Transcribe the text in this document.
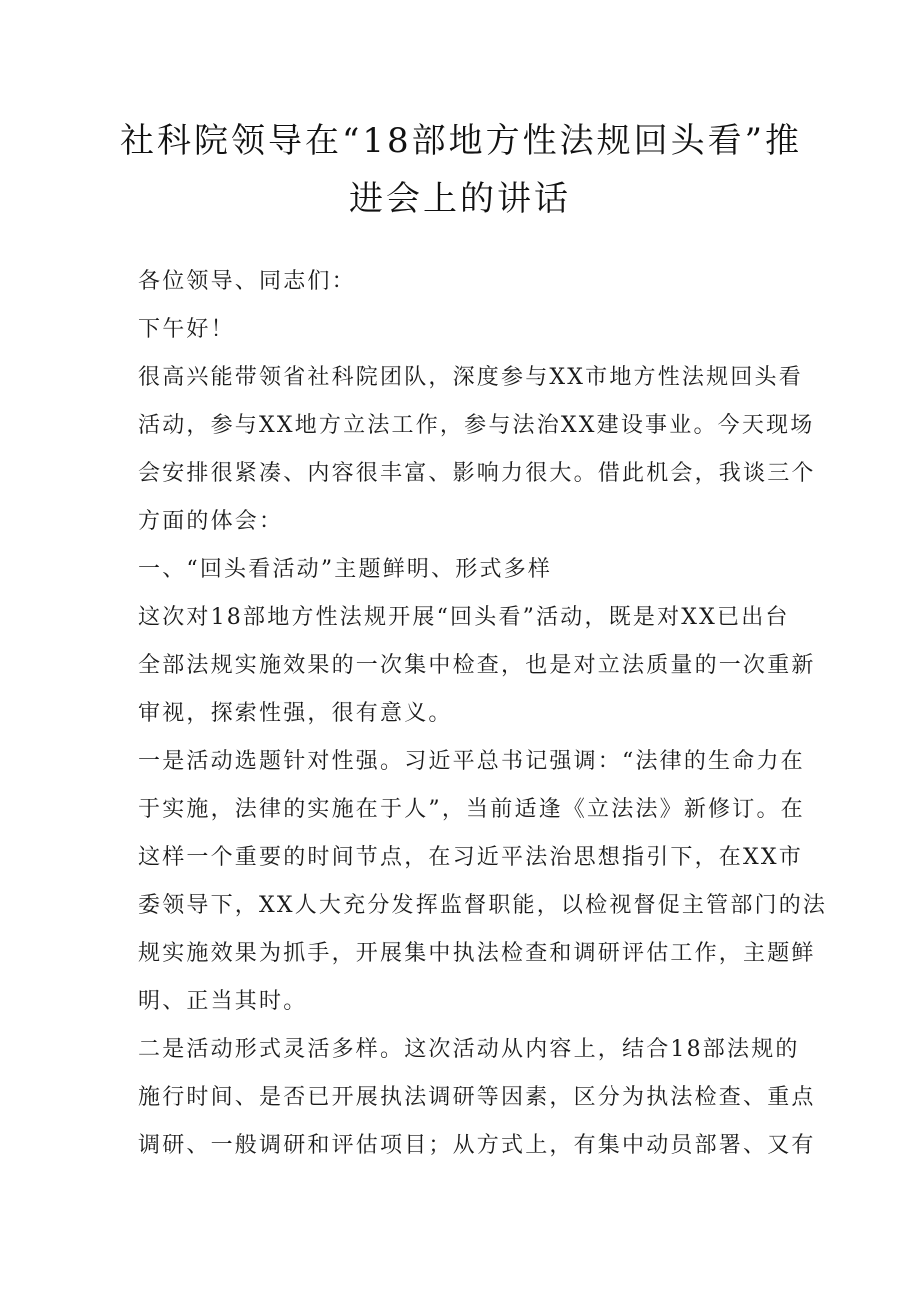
社科院领导在“18部地方性法规回头看”推
进会上的讲话
各位领导、同志们：
下午好！
很高兴能带领省社科院团队，深度参与XX市地方性法规回头看
活动，参与XX地方立法工作，参与法治XX建设事业。今天现场
会安排很紧凑、内容很丰富、影响力很大。借此机会，我谈三个
方面的体会：
一、“回头看活动”主题鲜明、形式多样
这次对18部地方性法规开展“回头看”活动，既是对XX已出台
全部法规实施效果的一次集中检查，也是对立法质量的一次重新
审视，探索性强，很有意义。
一是活动选题针对性强。习近平总书记强调：“法律的生命力在
于实施，法律的实施在于人”，当前适逢《立法法》新修订。在
这样一个重要的时间节点，在习近平法治思想指引下，在XX市
委领导下，XX人大充分发挥监督职能，以检视督促主管部门的法
规实施效果为抓手，开展集中执法检查和调研评估工作，主题鲜
明、正当其时。
二是活动形式灵活多样。这次活动从内容上，结合18部法规的
施行时间、是否已开展执法调研等因素，区分为执法检查、重点
调研、一般调研和评估项目；从方式上，有集中动员部署、又有
